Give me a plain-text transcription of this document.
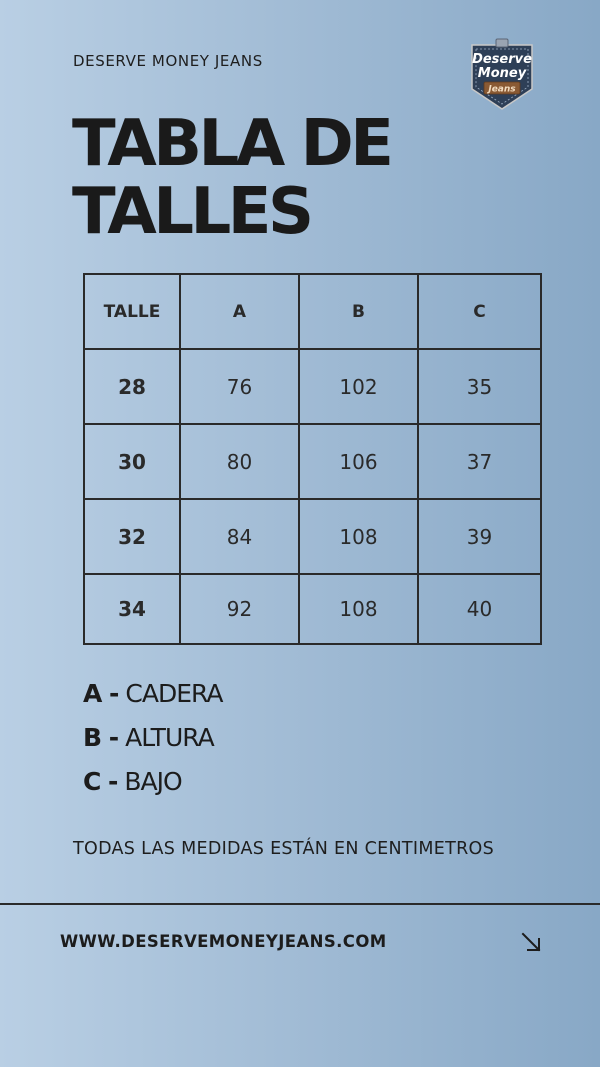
DESERVE MONEY JEANS	Deserve
Money
Jeans
TABLA DE
TALLES
TALLE	A	B	C
28	76	102	35
30	80	106	37
32	84	108	39
34	92	108	40
A - CADERA
B - ALTURA
C - BAJO
TODAS LAS MEDIDAS ESTÁN EN CENTIMETROS
WWW.DESERVEMONEYJEANS.COM
